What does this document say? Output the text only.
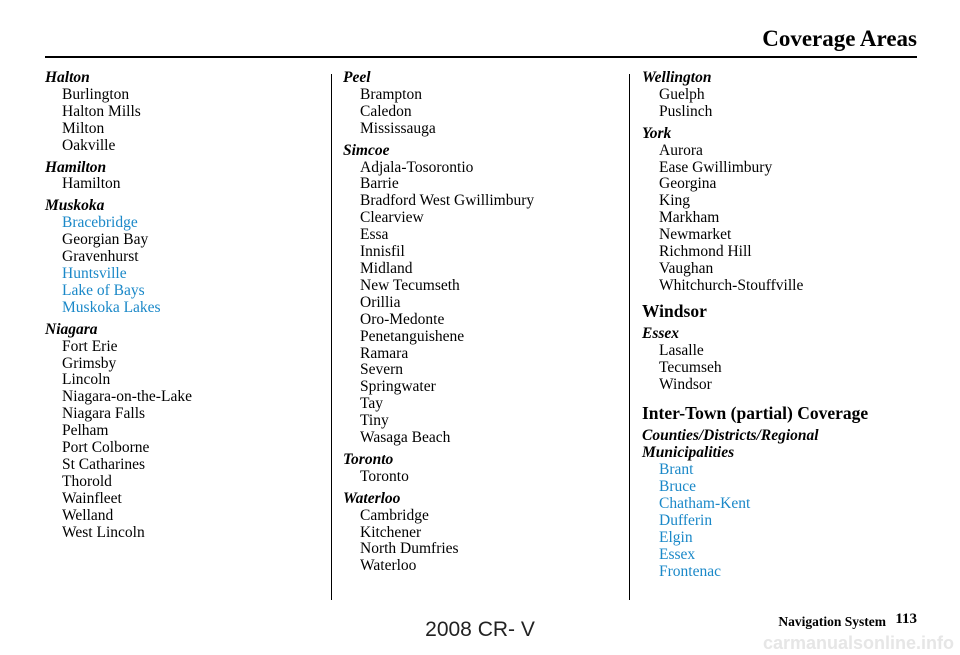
Coverage Areas
Halton
Burlington
Halton Mills
Milton
Oakville
Hamilton
Hamilton
Muskoka
Bracebridge
Georgian Bay
Gravenhurst
Huntsville
Lake of Bays
Muskoka Lakes
Niagara
Fort Erie
Grimsby
Lincoln
Niagara-on-the-Lake
Niagara Falls
Pelham
Port Colborne
St Catharines
Thorold
Wainfleet
Welland
West Lincoln
Peel
Brampton
Caledon
Mississauga
Simcoe
Adjala-Tosorontio
Barrie
Bradford West Gwillimbury
Clearview
Essa
Innisfil
Midland
New Tecumseth
Orillia
Oro-Medonte
Penetanguishene
Ramara
Severn
Springwater
Tay
Tiny
Wasaga Beach
Toronto
Toronto
Waterloo
Cambridge
Kitchener
North Dumfries
Waterloo
Wellington
Guelph
Puslinch
York
Aurora
Ease Gwillimbury
Georgina
King
Markham
Newmarket
Richmond Hill
Vaughan
Whitchurch-Stouffville
Windsor
Essex
Lasalle
Tecumseh
Windsor
Inter-Town (partial) Coverage
Counties/Districts/Regional
Municipalities
Brant
Bruce
Chatham-Kent
Dufferin
Elgin
Essex
Frontenac
Navigation System 113
2008 CR- V
carmanualsonline.info
